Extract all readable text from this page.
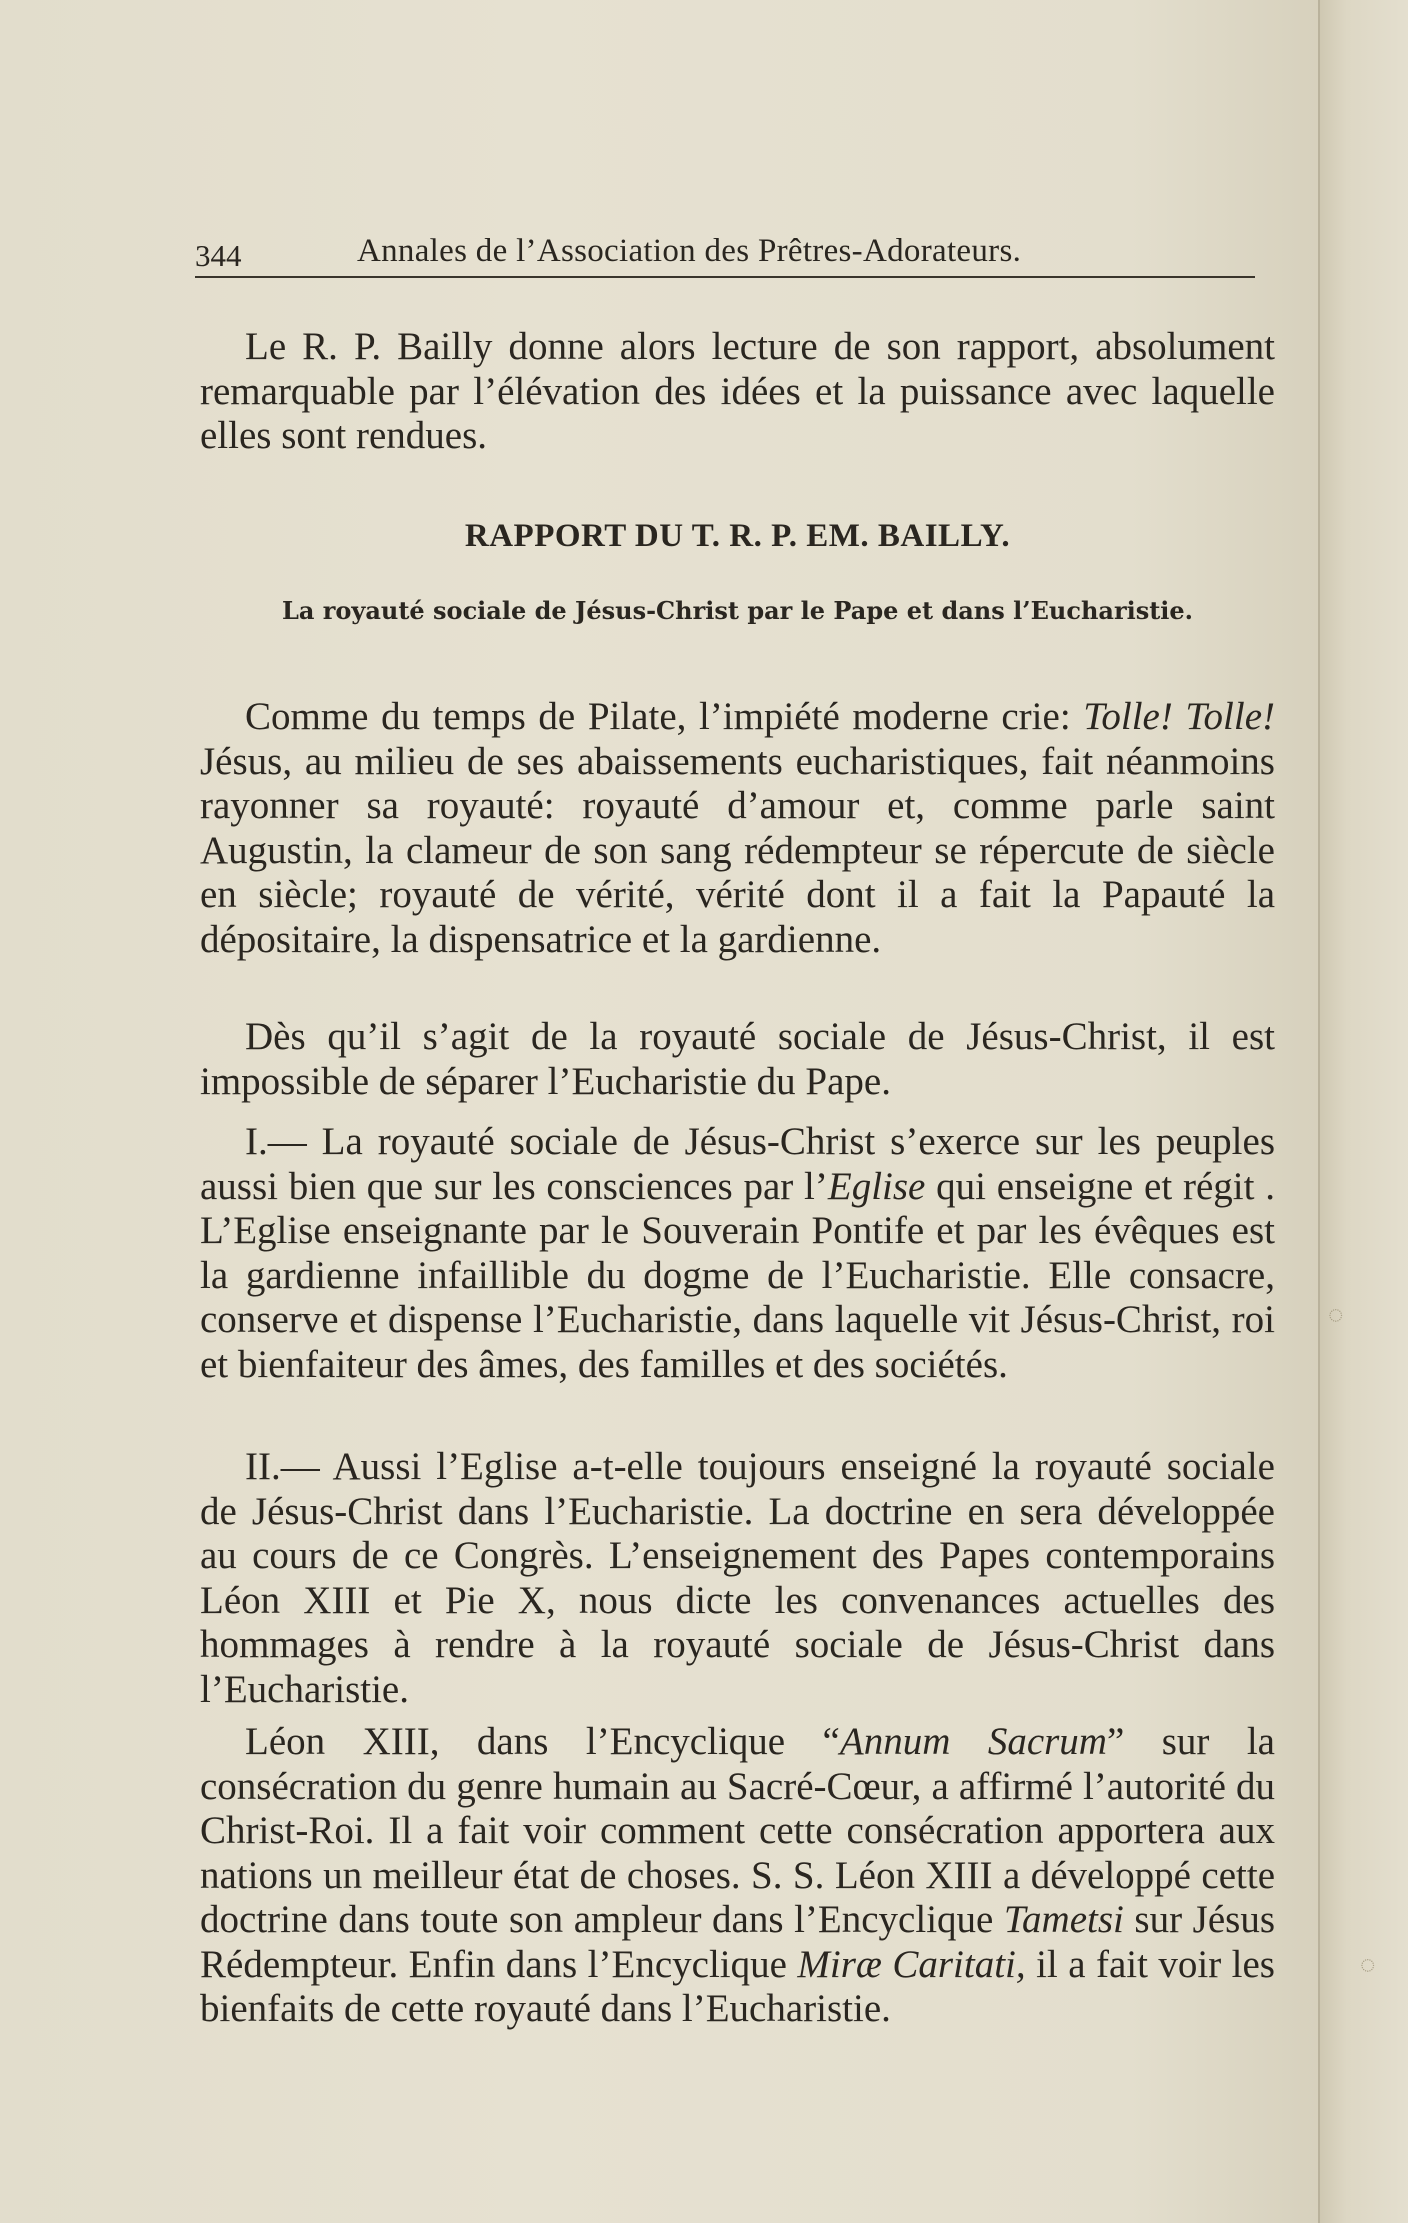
344	Annales de l’Association des Prêtres-Adorateurs.

Le R. P. Bailly donne alors lecture de son rapport, absolument remarquable par l’élévation des idées et la puissance avec laquelle elles sont rendues.

RAPPORT DU T. R. P. EM. BAILLY.
La royauté sociale de Jésus-Christ par le Pape et dans l’Eucharistie.

Comme du temps de Pilate, l’impiété moderne crie: Tolle! Tolle! Jésus, au milieu de ses abaissements eucharistiques, fait néanmoins rayonner sa royauté: royauté d’amour et, comme parle saint Augustin, la clameur de son sang rédempteur se répercute de siècle en siècle; royauté de vérité, vérité dont il a fait la Papauté la dépositaire, la dispensatrice et la gardienne.

Dès qu’il s’agit de la royauté sociale de Jésus-Christ, il est impossible de séparer l’Eucharistie du Pape.

I.— La royauté sociale de Jésus-Christ s’exerce sur les peuples aussi bien que sur les consciences par l’Eglise qui enseigne et régit . L’Eglise enseignante par le Souverain Pontife et par les évêques est la gardienne infaillible du dogme de l’Eucharistie. Elle consacre, conserve et dispense l’Eucharistie, dans laquelle vit Jésus-Christ, roi et bienfaiteur des âmes, des familles et des sociétés.

II.— Aussi l’Eglise a-t-elle toujours enseigné la royauté sociale de Jésus-Christ dans l’Eucharistie. La doctrine en sera développée au cours de ce Congrès. L’enseignement des Papes contemporains Léon XIII et Pie X, nous dicte les convenances actuelles des hommages à rendre à la royauté sociale de Jésus-Christ dans l’Eucharistie.

Léon XIII, dans l’Encyclique “Annum Sacrum” sur la consécration du genre humain au Sacré-Cœur, a affirmé l’autorité du Christ-Roi. Il a fait voir comment cette consécration apportera aux nations un meilleur état de choses. S. S. Léon XIII a développé cette doctrine dans toute son ampleur dans l’Encyclique Tametsi sur Jésus Rédempteur. Enfin dans l’Encyclique Miræ Caritati, il a fait voir les bienfaits de cette royauté dans l’Eucharistie.

◌
◌
